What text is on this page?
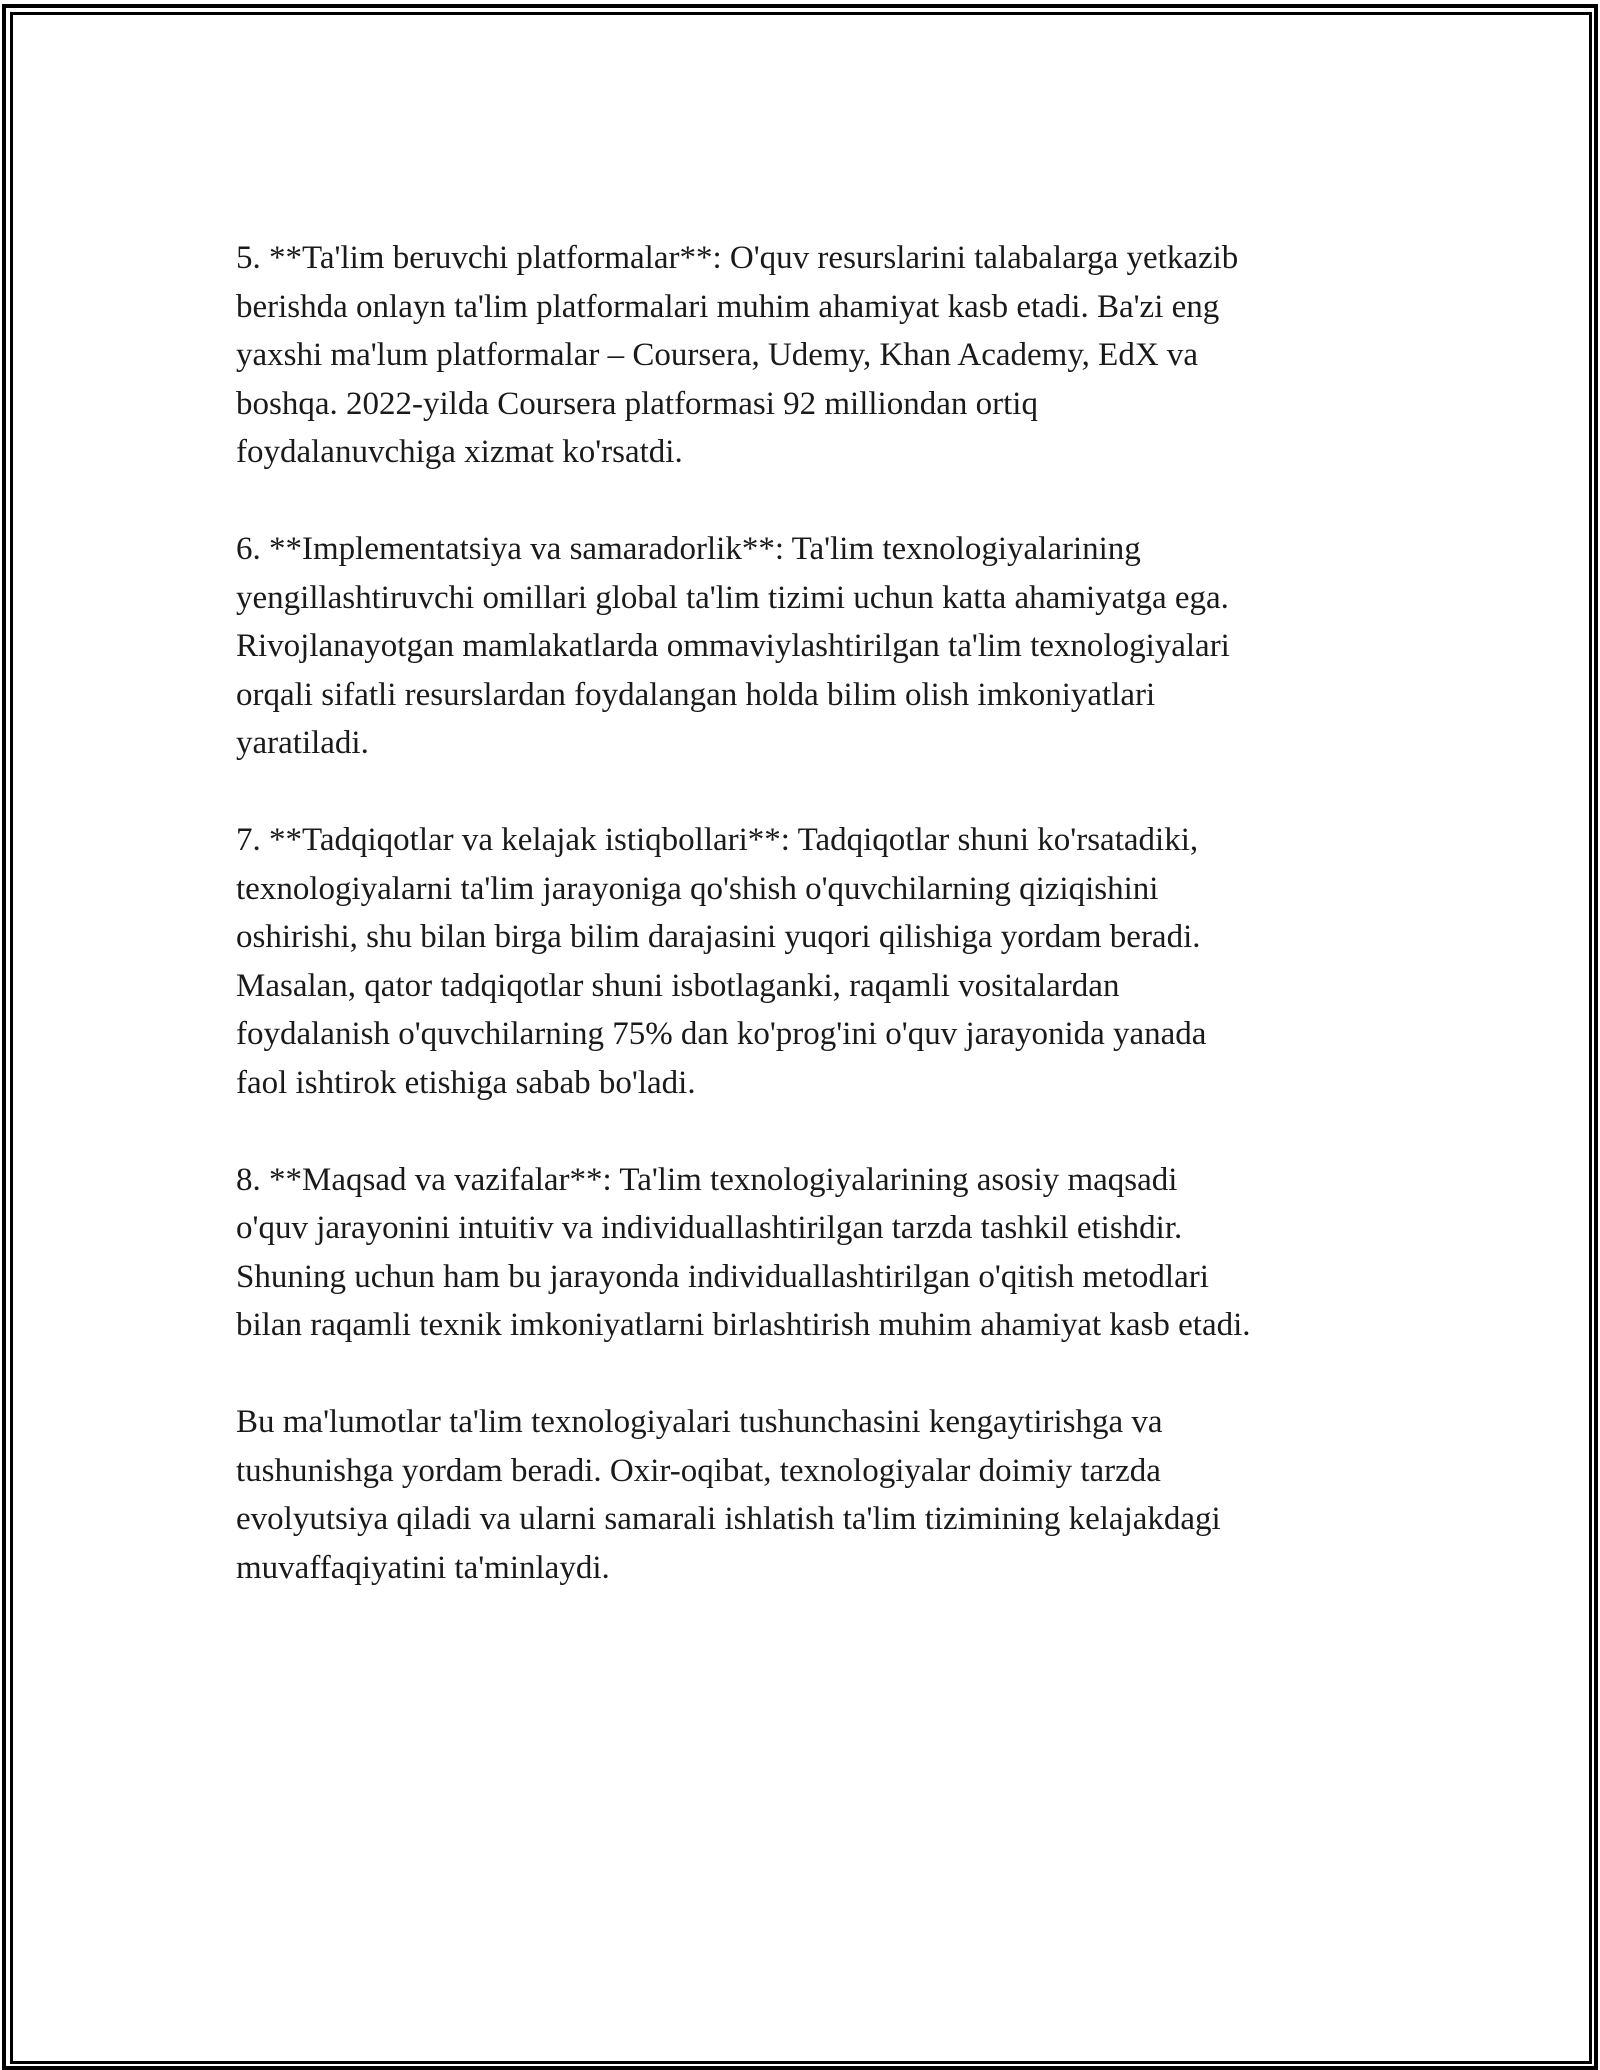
5. **Ta'lim beruvchi platformalar**: O'quv resurslarini talabalarga yetkazib
berishda onlayn ta'lim platformalari muhim ahamiyat kasb etadi. Ba'zi eng
yaxshi ma'lum platformalar – Coursera, Udemy, Khan Academy, EdX va
boshqa. 2022-yilda Coursera platformasi 92 milliondan ortiq
foydalanuvchiga xizmat ko'rsatdi.
6. **Implementatsiya va samaradorlik**: Ta'lim texnologiyalarining
yengillashtiruvchi omillari global ta'lim tizimi uchun katta ahamiyatga ega.
Rivojlanayotgan mamlakatlarda ommaviylashtirilgan ta'lim texnologiyalari
orqali sifatli resurslardan foydalangan holda bilim olish imkoniyatlari
yaratiladi.
7. **Tadqiqotlar va kelajak istiqbollari**: Tadqiqotlar shuni ko'rsatadiki,
texnologiyalarni ta'lim jarayoniga qo'shish o'quvchilarning qiziqishini
oshirishi, shu bilan birga bilim darajasini yuqori qilishiga yordam beradi.
Masalan, qator tadqiqotlar shuni isbotlaganki, raqamli vositalardan
foydalanish o'quvchilarning 75% dan ko'prog'ini o'quv jarayonida yanada
faol ishtirok etishiga sabab bo'ladi.
8. **Maqsad va vazifalar**: Ta'lim texnologiyalarining asosiy maqsadi
o'quv jarayonini intuitiv va individuallashtirilgan tarzda tashkil etishdir.
Shuning uchun ham bu jarayonda individuallashtirilgan o'qitish metodlari
bilan raqamli texnik imkoniyatlarni birlashtirish muhim ahamiyat kasb etadi.
Bu ma'lumotlar ta'lim texnologiyalari tushunchasini kengaytirishga va
tushunishga yordam beradi. Oxir-oqibat, texnologiyalar doimiy tarzda
evolyutsiya qiladi va ularni samarali ishlatish ta'lim tizimining kelajakdagi
muvaffaqiyatini ta'minlaydi.
